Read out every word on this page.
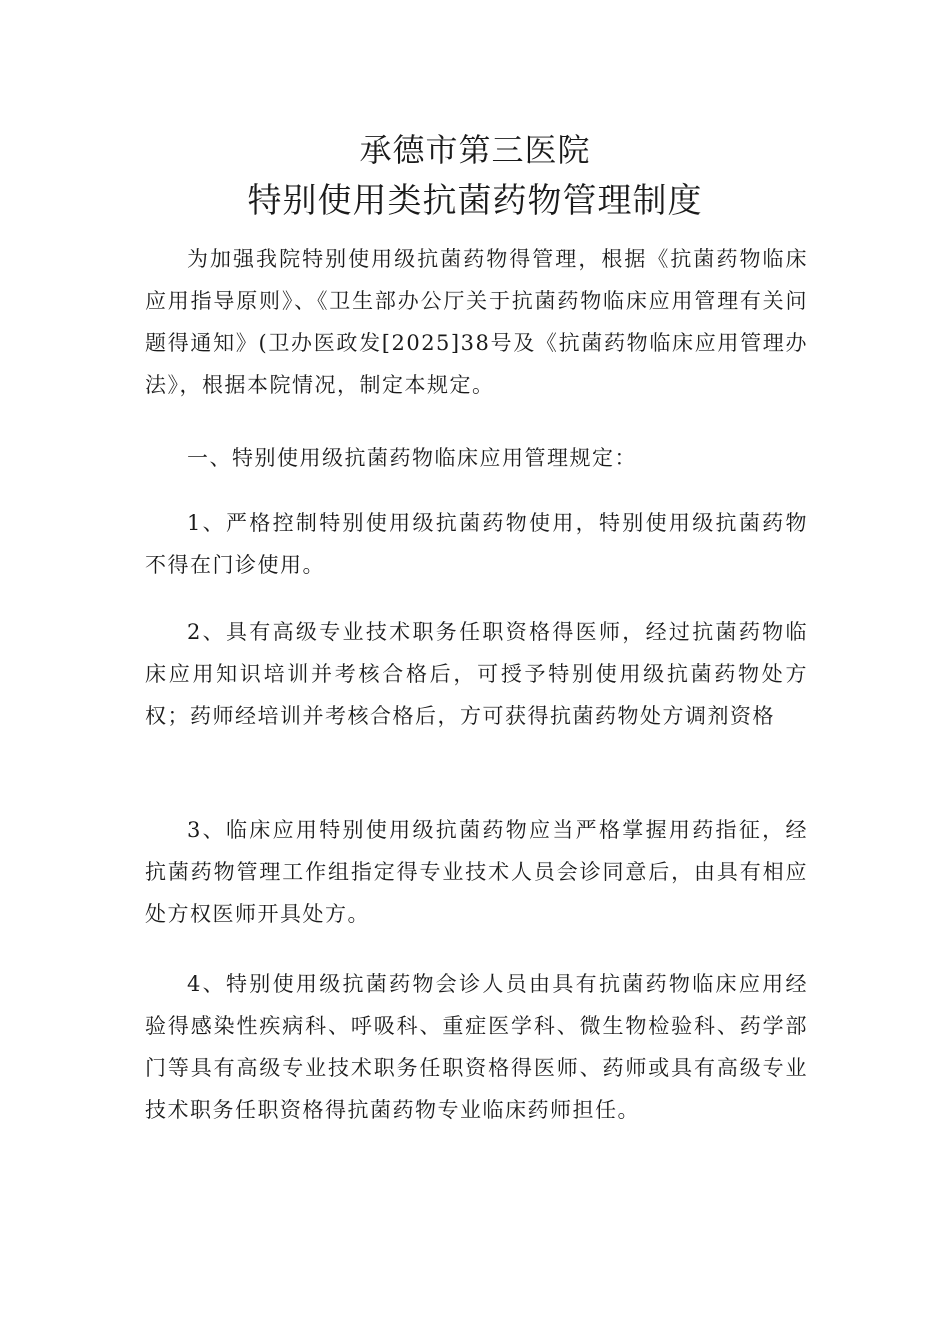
承德市第三医院
特别使用类抗菌药物管理制度

为加强我院特别使用级抗菌药物得管理，根据《抗菌药物临床应用指导原则》、《卫生部办公厅关于抗菌药物临床应用管理有关问题得通知》(卫办医政发[2025]38号及《抗菌药物临床应用管理办法》，根据本院情况，制定本规定。

一、特别使用级抗菌药物临床应用管理规定：

1、严格控制特别使用级抗菌药物使用，特别使用级抗菌药物不得在门诊使用。

2、具有高级专业技术职务任职资格得医师，经过抗菌药物临床应用知识培训并考核合格后，可授予特别使用级抗菌药物处方权；药师经培训并考核合格后，方可获得抗菌药物处方调剂资格

3、临床应用特别使用级抗菌药物应当严格掌握用药指征，经抗菌药物管理工作组指定得专业技术人员会诊同意后，由具有相应处方权医师开具处方。

4、特别使用级抗菌药物会诊人员由具有抗菌药物临床应用经验得感染性疾病科、呼吸科、重症医学科、微生物检验科、药学部门等具有高级专业技术职务任职资格得医师、药师或具有高级专业技术职务任职资格得抗菌药物专业临床药师担任。
